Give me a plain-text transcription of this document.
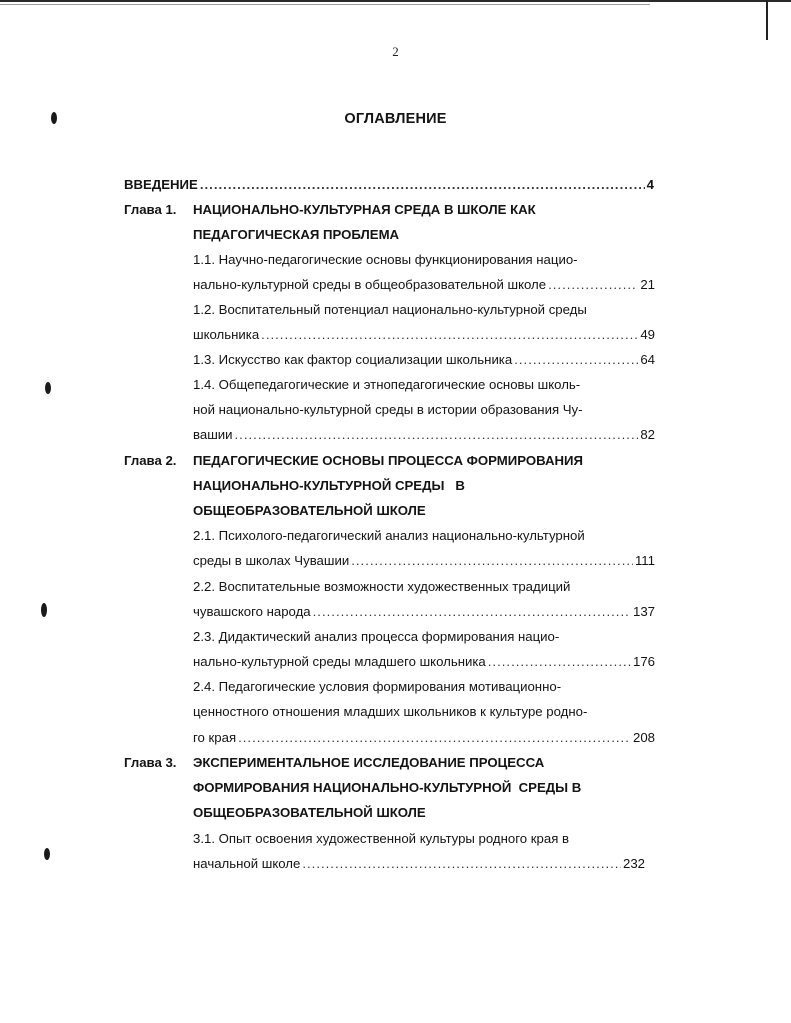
2
ОГЛАВЛЕНИЕ
ВВЕДЕНИЕ .....	4
Глава 1. НАЦИОНАЛЬНО-КУЛЬТУРНАЯ СРЕДА В ШКОЛЕ КАК
ПЕДАГОГИЧЕСКАЯ ПРОБЛЕМА
1.1. Научно-педагогические основы функционирования нацио-
нально-культурной среды в общеобразовательной школе .....	21
1.2. Воспитательный потенциал национально-культурной среды
школьника .....	49
1.3. Искусство как фактор социализации школьника .....	64
1.4. Общепедагогические и этнопедагогические основы школь-
ной национально-культурной среды в истории образования Чу-
вашии .....	82
Глава 2. ПЕДАГОГИЧЕСКИЕ ОСНОВЫ ПРОЦЕССА ФОРМИРОВАНИЯ
НАЦИОНАЛЬНО-КУЛЬТУРНОЙ СРЕДЫ   В
ОБЩЕОБРАЗОВАТЕЛЬНОЙ ШКОЛЕ
2.1. Психолого-педагогический анализ национально-культурной
среды в школах Чувашии .....	111
2.2. Воспитательные возможности художественных традиций
чувашского народа .....	137
2.3. Дидактический анализ процесса формирования нацио-
нально-культурной среды младшего школьника .....	176
2.4. Педагогические условия формирования мотивационно-
ценностного отношения младших школьников к культуре родно-
го края .....	208
Глава 3. ЭКСПЕРИМЕНТАЛЬНОЕ ИССЛЕДОВАНИЕ ПРОЦЕССА
ФОРМИРОВАНИЯ НАЦИОНАЛЬНО-КУЛЬТУРНОЙ  СРЕДЫ В
ОБЩЕОБРАЗОВАТЕЛЬНОЙ ШКОЛЕ
3.1. Опыт освоения художественной культуры родного края в
начальной школе .....	232
